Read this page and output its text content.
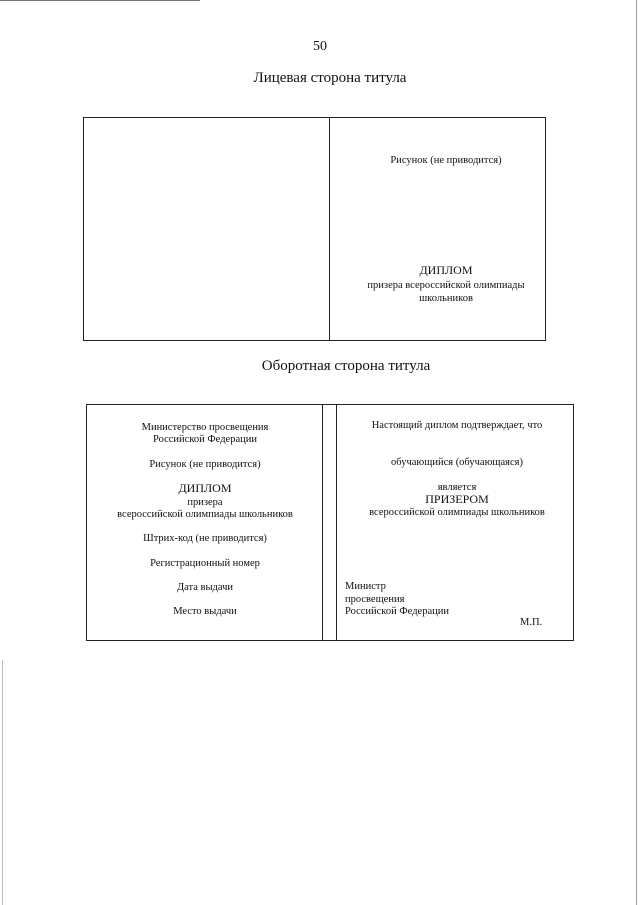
50
Лицевая сторона титула
Рисунок (не приводится)
ДИПЛОМ
призера всероссийской олимпиады
школьников
Оборотная сторона титула
Министерство просвещения
Российской Федерации
Рисунок (не приводится)
ДИПЛОМ
призера
всероссийской олимпиады школьников
Штрих-код (не приводится)
Регистрационный номер
Дата выдачи
Место выдачи
Настоящий диплом подтверждает, что
обучающийся (обучающаяся)
является
ПРИЗЕРОМ
всероссийской олимпиады школьников
Министр
просвещения
Российской Федерации
М.П.
